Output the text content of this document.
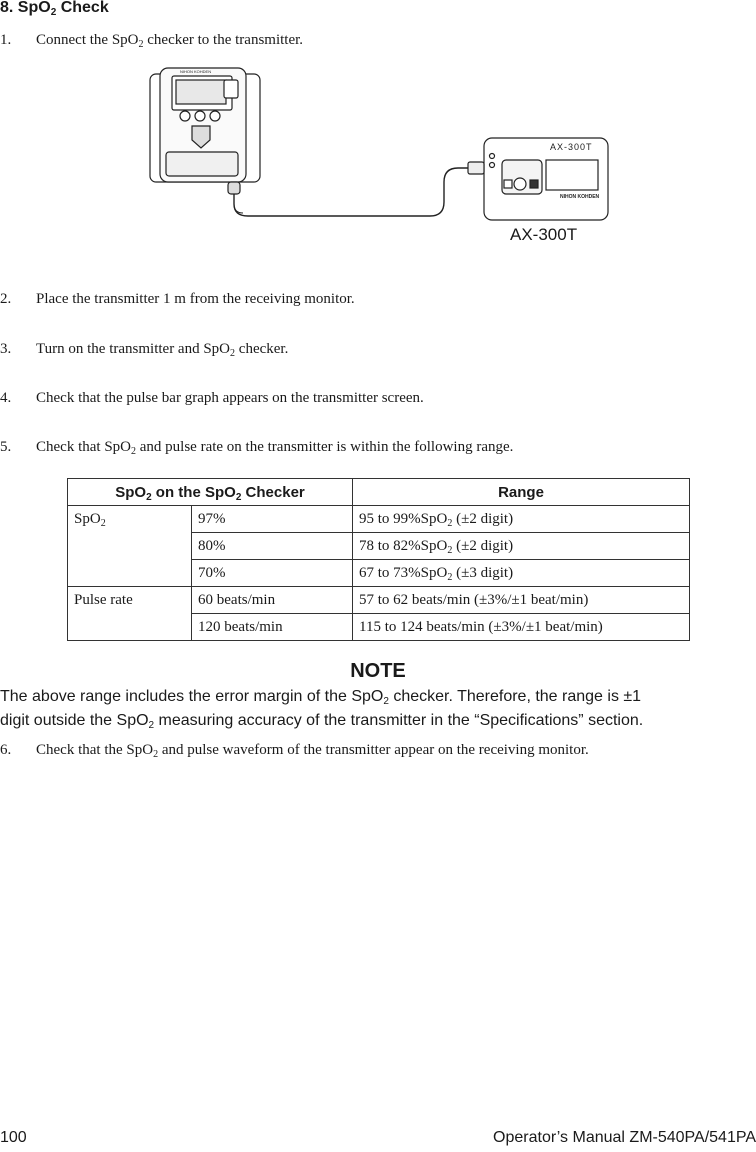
8. SpO$_2$ Check
1. Connect the SpO$_2$ checker to the transmitter.
NIHON KOHDEN
AX-300T
NIHON KOHDEN
AX-300T
2. Place the transmitter 1 m from the receiving monitor.
3. Turn on the transmitter and SpO$_2$ checker.
4. Check that the pulse bar graph appears on the transmitter screen.
5. Check that SpO$_2$ and pulse rate on the transmitter is within the following range.
SpO$_2$ on the SpO$_2$ Checker		Range
SpO$_2$	97%	95 to 99%SpO$_2$ (±2 digit)
	80%	78 to 82%SpO$_2$ (±2 digit)
	70%	67 to 73%SpO$_2$ (±3 digit)
Pulse rate	60 beats/min	57 to 62 beats/min (±3%/±1 beat/min)
	120 beats/min	115 to 124 beats/min (±3%/±1 beat/min)
NOTE
The above range includes the error margin of the SpO$_2$ checker. Therefore, the range is ±1
digit outside the SpO$_2$ measuring accuracy of the transmitter in the “Specifications” section.
6. Check that the SpO$_2$ and pulse waveform of the transmitter appear on the receiving monitor.
100	Operator’s Manual ZM-540PA/541PA
